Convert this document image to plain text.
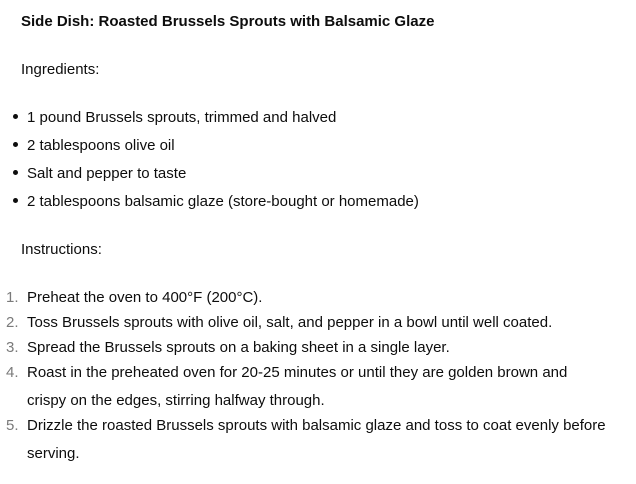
Side Dish: Roasted Brussels Sprouts with Balsamic Glaze
Ingredients:
1 pound Brussels sprouts, trimmed and halved
2 tablespoons olive oil
Salt and pepper to taste
2 tablespoons balsamic glaze (store-bought or homemade)
Instructions:
1. Preheat the oven to 400°F (200°C).
2. Toss Brussels sprouts with olive oil, salt, and pepper in a bowl until well coated.
3. Spread the Brussels sprouts on a baking sheet in a single layer.
4. Roast in the preheated oven for 20-25 minutes or until they are golden brown and crispy on the edges, stirring halfway through.
5. Drizzle the roasted Brussels sprouts with balsamic glaze and toss to coat evenly before serving.
